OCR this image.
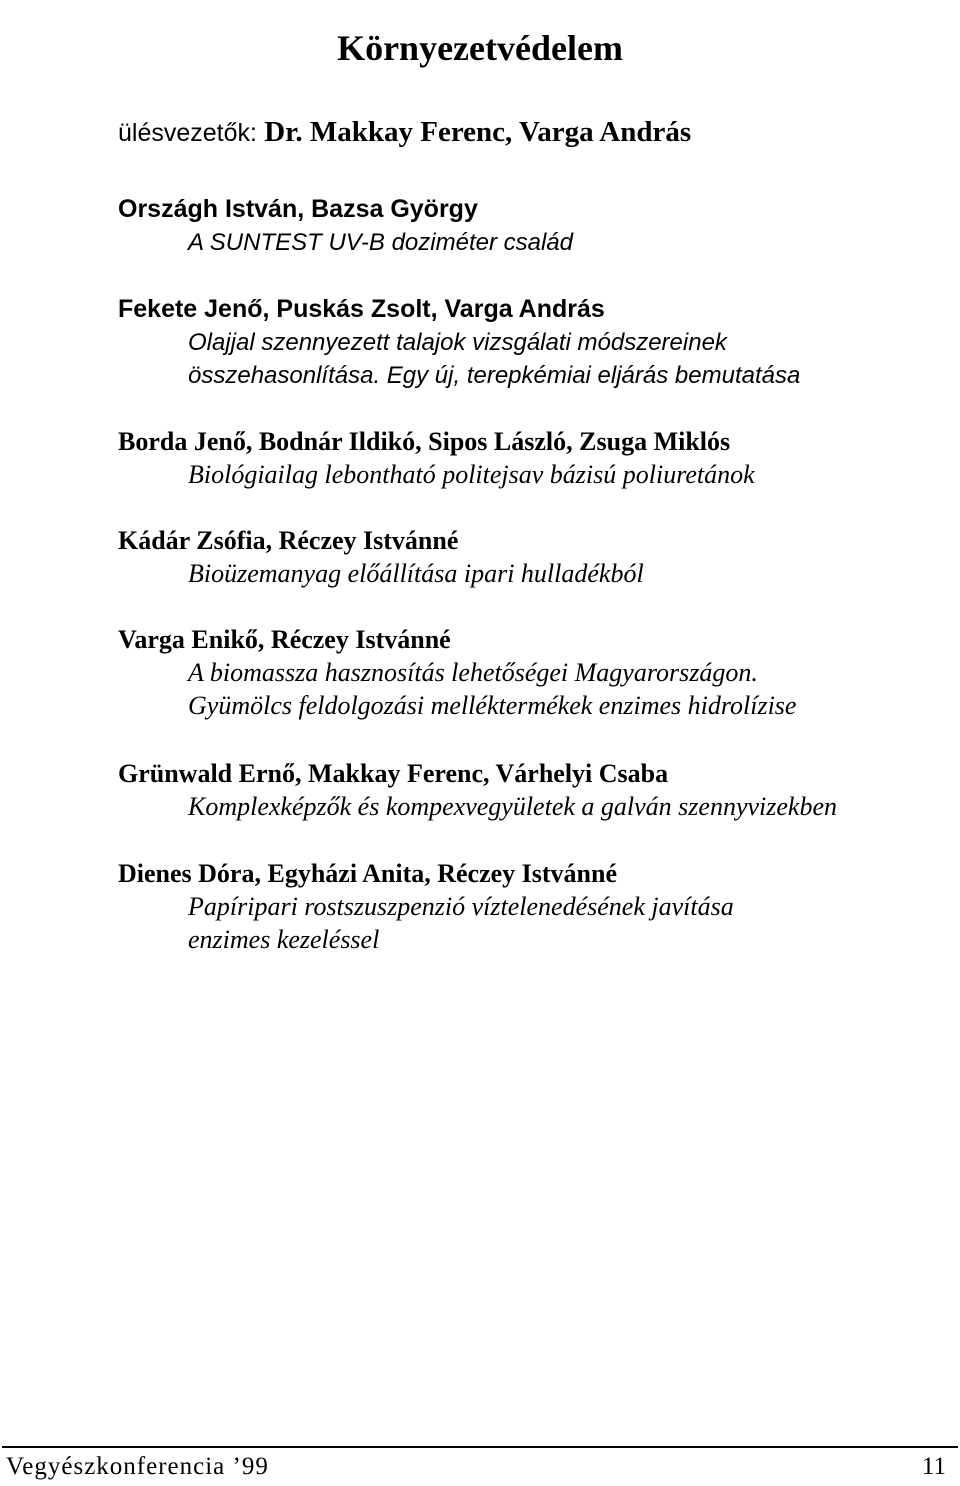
Környezetvédelem
ülésvezetők: Dr. Makkay Ferenc, Varga András
Országh István, Bazsa György
A SUNTEST UV-B doziméter család
Fekete Jenő, Puskás Zsolt, Varga András
Olajjal szennyezett talajok vizsgálati módszereinek
összehasonlítása. Egy új, terepkémiai eljárás bemutatása
Borda Jenő, Bodnár Ildikó, Sipos László, Zsuga Miklós
Biológiailag lebontható politejsav bázisú poliuretánok
Kádár Zsófia, Réczey Istvánné
Bioüzemanyag előállítása ipari hulladékból
Varga Enikő, Réczey Istvánné
A biomassza hasznosítás lehetőségei Magyarországon.
Gyümölcs feldolgozási melléktermékek enzimes hidrolízise
Grünwald Ernő, Makkay Ferenc, Várhelyi Csaba
Komplexképzők és kompexvegyületek a galván szennyvizekben
Dienes Dóra, Egyházi Anita, Réczey Istvánné
Papíripari rostszuszpenzió víztelenedésének javítása
enzimes kezeléssel
Vegyészkonferencia ’99	11
